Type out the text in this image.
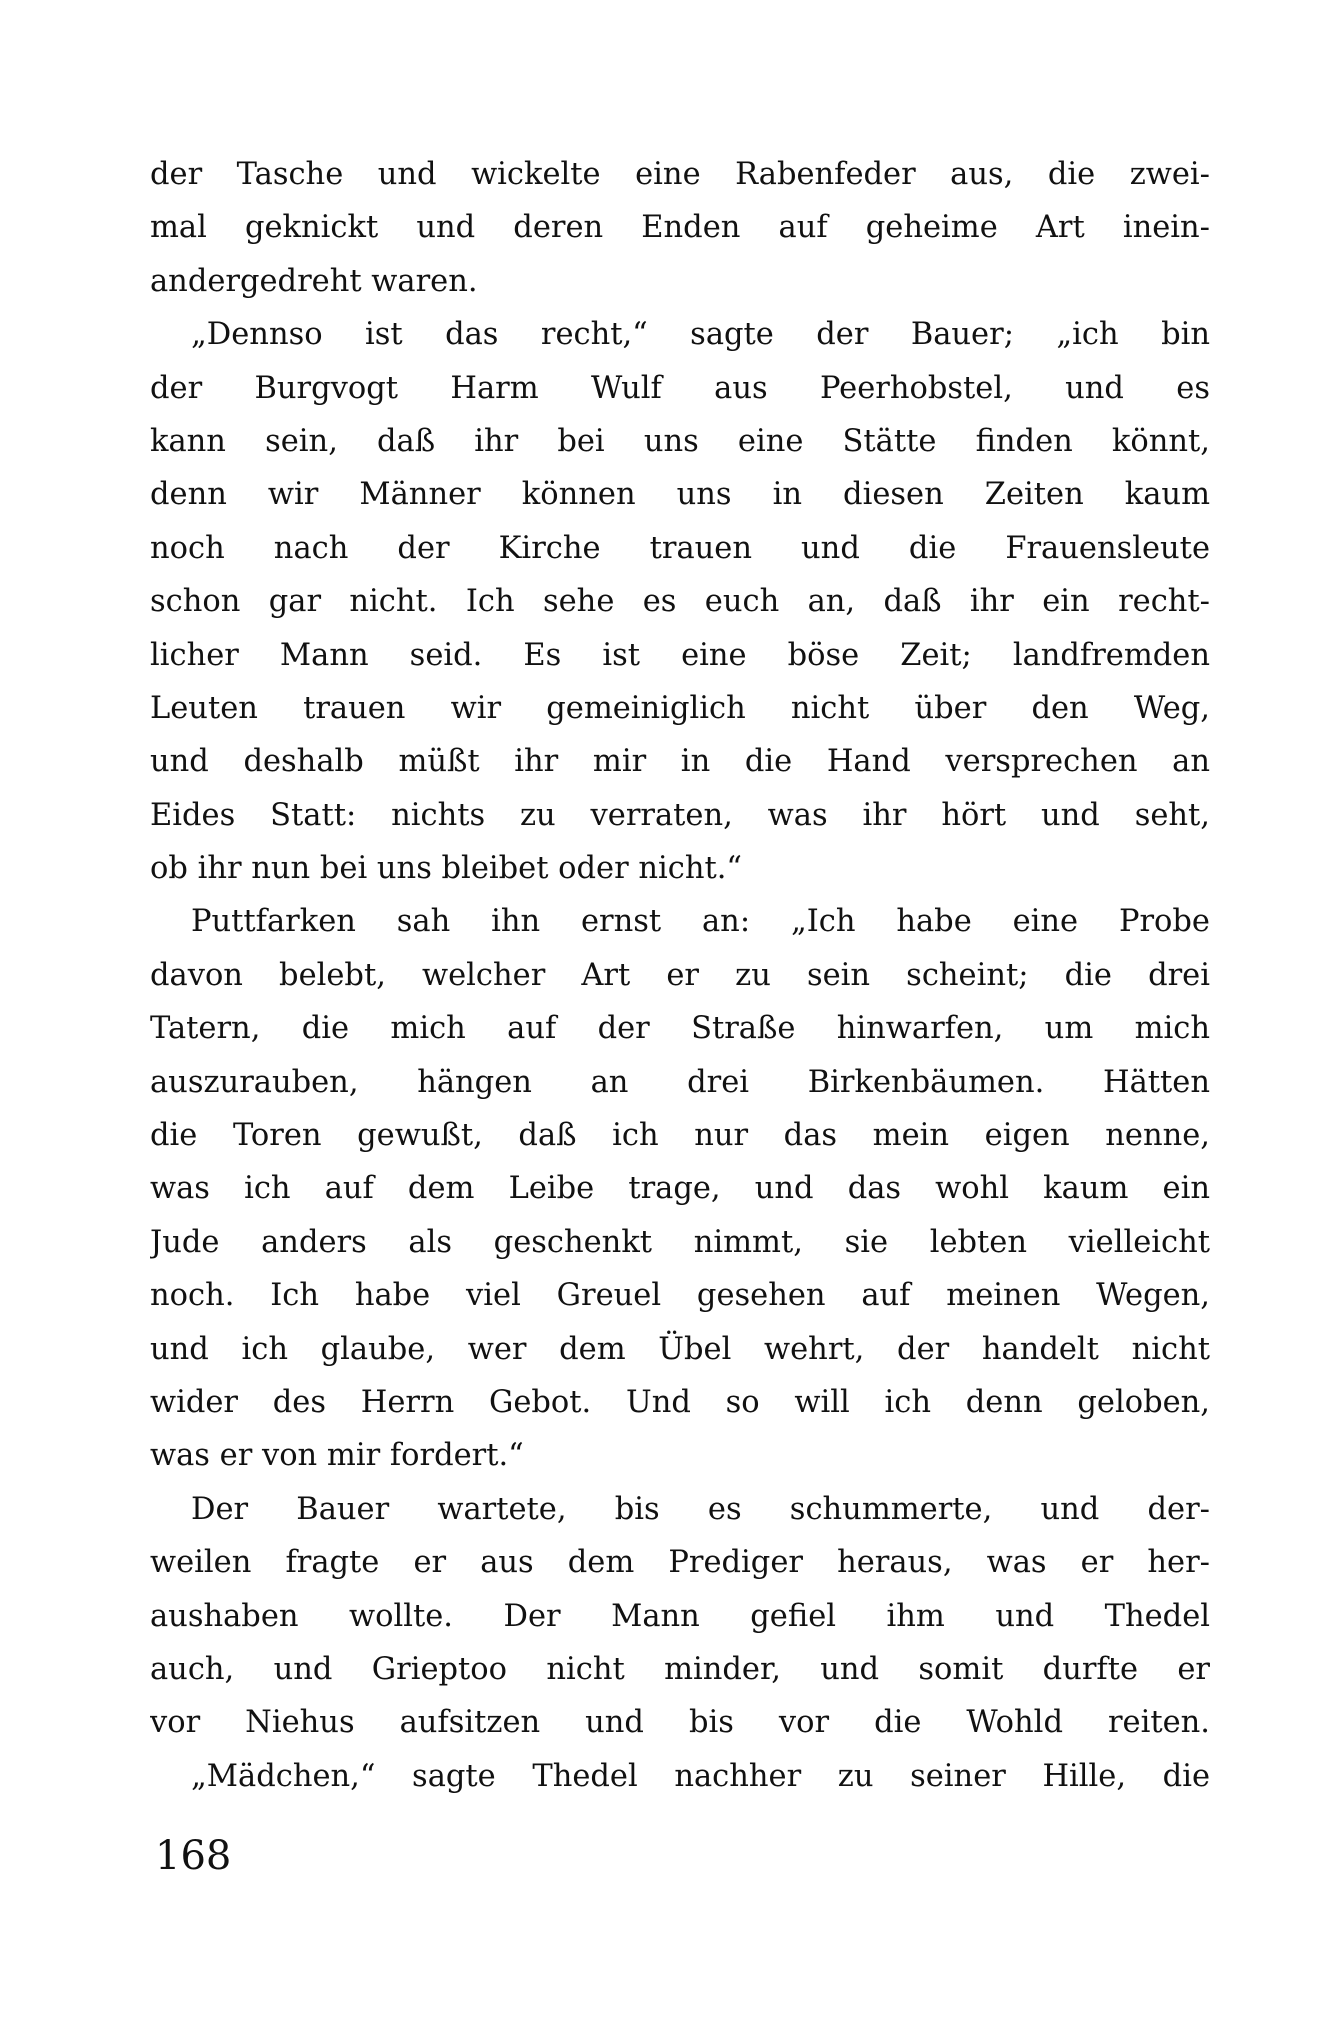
der Tasche und wickelte eine Rabenfeder aus, die zwei-
mal geknickt und deren Enden auf geheime Art inein-
andergedreht waren.
„Dennso ist das recht,“ sagte der Bauer; „ich bin
der Burgvogt Harm Wulf aus Peerhobstel, und es
kann sein, daß ihr bei uns eine Stätte finden könnt,
denn wir Männer können uns in diesen Zeiten kaum
noch nach der Kirche trauen und die Frauensleute
schon gar nicht. Ich sehe es euch an, daß ihr ein recht-
licher Mann seid. Es ist eine böse Zeit; landfremden
Leuten trauen wir gemeiniglich nicht über den Weg,
und deshalb müßt ihr mir in die Hand versprechen an
Eides Statt: nichts zu verraten, was ihr hört und seht,
ob ihr nun bei uns bleibet oder nicht.“
Puttfarken sah ihn ernst an: „Ich habe eine Probe
davon belebt, welcher Art er zu sein scheint; die drei
Tatern, die mich auf der Straße hinwarfen, um mich
auszurauben, hängen an drei Birkenbäumen. Hätten
die Toren gewußt, daß ich nur das mein eigen nenne,
was ich auf dem Leibe trage, und das wohl kaum ein
Jude anders als geschenkt nimmt, sie lebten vielleicht
noch. Ich habe viel Greuel gesehen auf meinen Wegen,
und ich glaube, wer dem Übel wehrt, der handelt nicht
wider des Herrn Gebot. Und so will ich denn geloben,
was er von mir fordert.“
Der Bauer wartete, bis es schummerte, und der-
weilen fragte er aus dem Prediger heraus, was er her-
aushaben wollte. Der Mann gefiel ihm und Thedel
auch, und Grieptoo nicht minder, und somit durfte er
vor Niehus aufsitzen und bis vor die Wohld reiten.
„Mädchen,“ sagte Thedel nachher zu seiner Hille, die
168
